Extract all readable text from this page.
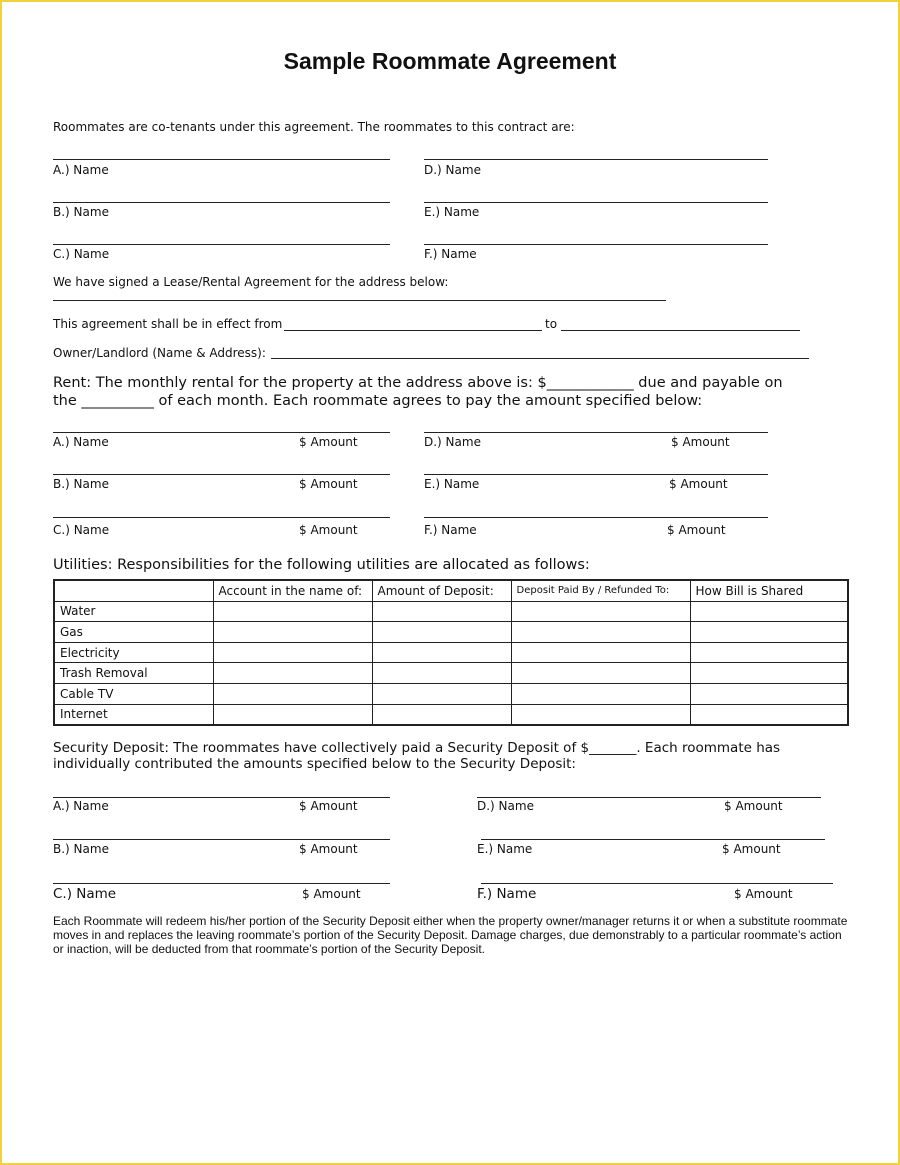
Sample Roommate Agreement
Roommates are co-tenants under this agreement. The roommates to this contract are:
A.) Name	D.) Name
B.) Name	E.) Name
C.) Name	F.) Name
We have signed a Lease/Rental Agreement for the address below:
This agreement shall be in effect from	to
Owner/Landlord (Name & Address):
Rent: The monthly rental for the property at the address above is: $____________ due and payable on
the __________ of each month. Each roommate agrees to pay the amount specified below:
A.) Name	$ Amount	D.) Name	$ Amount
B.) Name	$ Amount	E.) Name	$ Amount
C.) Name	$ Amount	F.) Name	$ Amount
Utilities: Responsibilities for the following utilities are allocated as follows:
	Account in the name of:	Amount of Deposit:	Deposit Paid By / Refunded To:	How Bill is Shared
Water				
Gas				
Electricity				
Trash Removal				
Cable TV				
Internet				
Security Deposit: The roommates have collectively paid a Security Deposit of $_______. Each roommate has
individually contributed the amounts specified below to the Security Deposit:
A.) Name	$ Amount	D.) Name	$ Amount
B.) Name	$ Amount	E.) Name	$ Amount
C.) Name	$ Amount	F.) Name	$ Amount
Each Roommate will redeem his/her portion of the Security Deposit either when the property owner/manager returns it or when a substitute roommate moves in and replaces the leaving roommate’s portion of the Security Deposit. Damage charges, due demonstrably to a particular roommate’s action or inaction, will be deducted from that roommate’s portion of the Security Deposit.
